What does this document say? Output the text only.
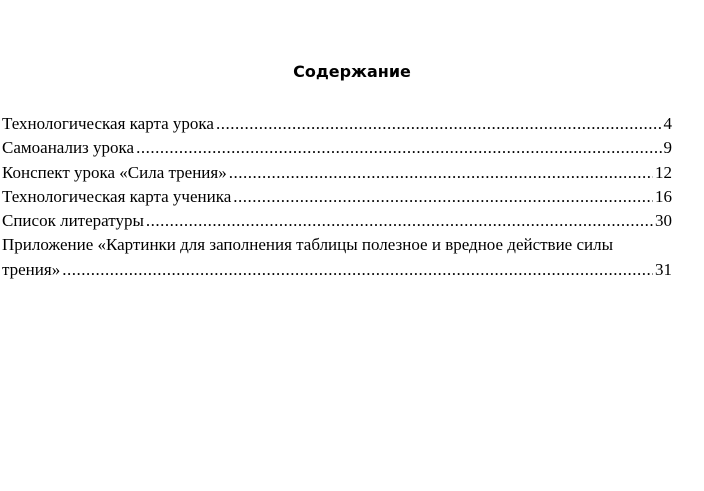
Содержание
Технологическая карта урока .....	4
Самоанализ урока .....	9
Конспект урока «Сила трения» .....	12
Технологическая карта ученика .....	16
Список литературы .....	30
Приложение «Картинки для заполнения таблицы полезное и вредное действие силы
трения» .....	31
